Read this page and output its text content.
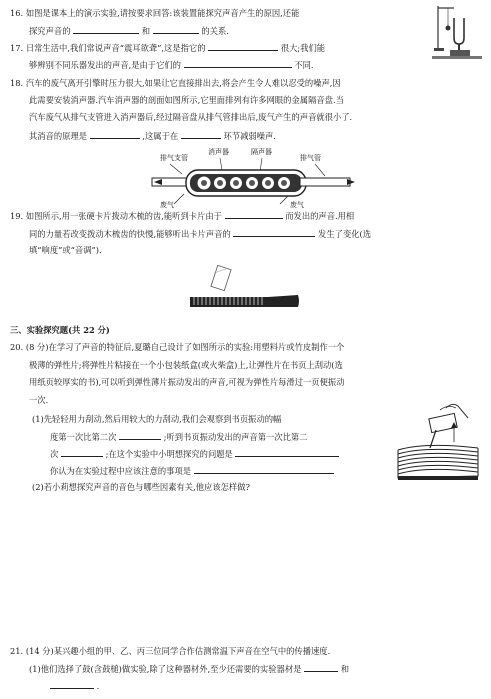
16. 如图是课本上的演示实验,请按要求回答:该装置能探究声音产生的原因,还能
探究声音的	和	的关系.
17. 日常生活中,我们常说声音“震耳欲聋”,这是指它的	很大;我们能
够辨别不同乐器发出的声音,是由于它们的	不同.
18. 汽车的废气离开引擎时压力很大,如果让它直接排出去,将会产生令人难以忍受的噪声,因
此需要安装消声器.汽车消声器的剖面如图所示,它里面排列有许多网眼的金属隔音盘.当
汽车废气从排气支管进入消声器后,经过隔音盘从排气管排出后,废气产生的声音就很小了.
其消音的原理是	,这属于在	环节减弱噪声.
排气支管
消声器	隔声器
排气管
废气	废气
19. 如图所示,用一张硬卡片拨动木梳的齿,能听到卡片由于	而发出的声音.用相
同的力量若改变拨动木梳齿的快慢,能够听出卡片声音的	发生了变化(选
填“响度”或“音调”).
三、实验探究题(共 22 分)
20. (8 分)在学习了声音的特征后,夏璐自己设计了如图所示的实验:用塑料片或竹皮制作一个
极薄的弹性片;将弹性片粘接在一个小包装纸盒(或火柴盒)上,让弹性片在书页上刮动(选
用纸页较厚实的书),可以听到弹性薄片振动发出的声音,可视为弹性片每滑过一页便振动
一次.
(1)先轻轻用力刮动,然后用较大的力刮动,我们会观察到书页振动的幅
度第一次比第二次	;听到书页振动发出的声音第一次比第二
次	;在这个实验中小明想探究的问题是
你认为在实验过程中应该注意的事项是
(2)若小莉想探究声音的音色与哪些因素有关,他应该怎样做?
21. (14 分)某兴趣小组的甲、乙、丙三位同学合作估测常温下声音在空气中的传播速度.
(1)他们选择了鼓(含鼓槌)做实验,除了这种器材外,至少还需要的实验器材是	和
.
